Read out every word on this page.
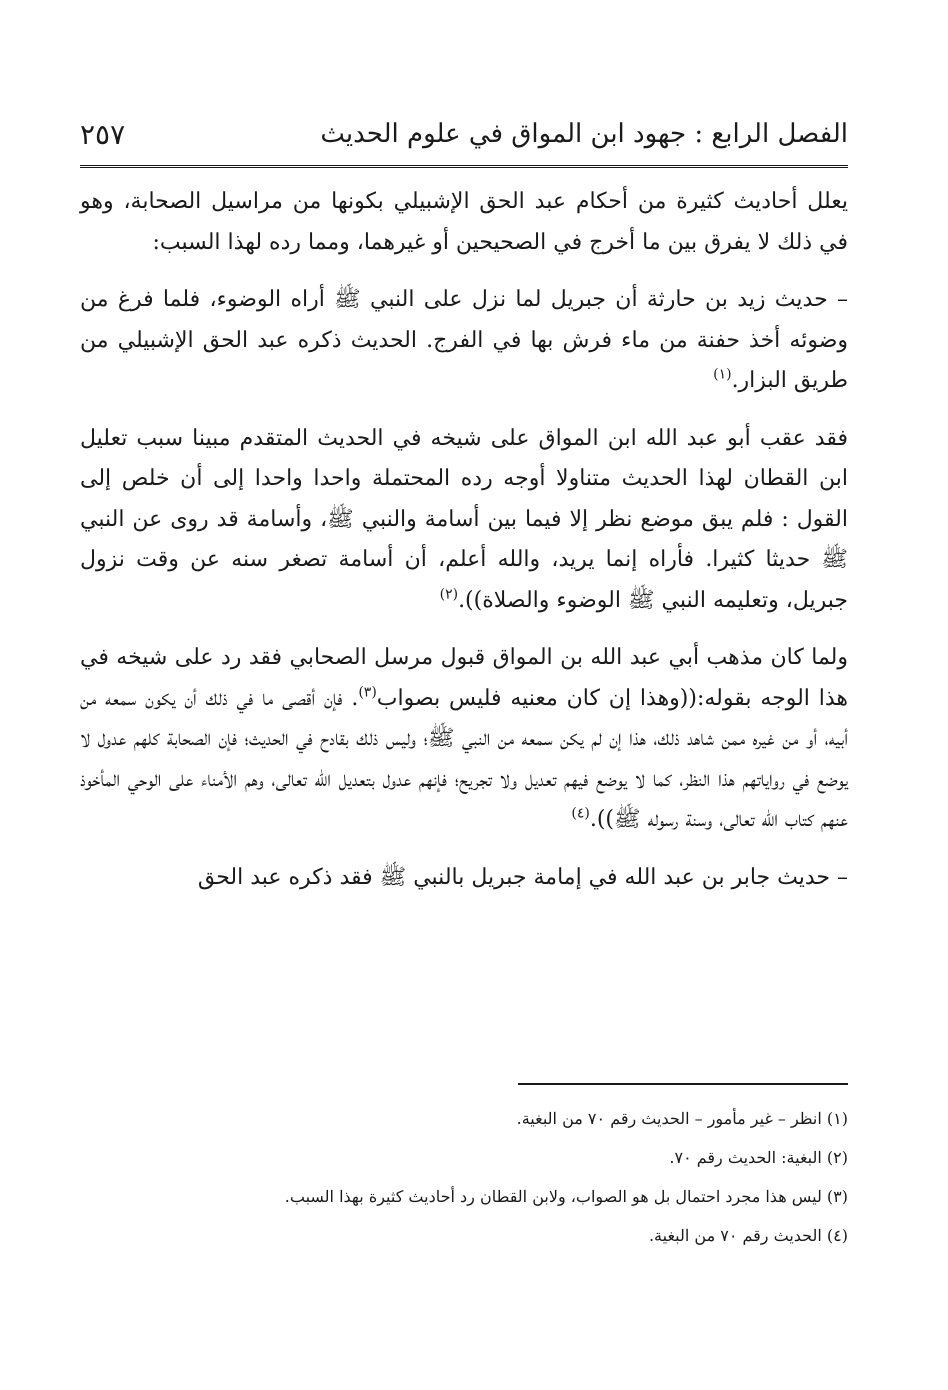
الفصل الرابع : جهود ابن المواق في علوم الحديث
٢٥٧

يعلل أحاديث كثيرة من أحكام عبد الحق الإشبيلي بكونها من مراسيل الصحابة، وهو في ذلك لا يفرق بين ما أخرج في الصحيحين أو غيرهما، ومما رده لهذا السبب:

– حديث زيد بن حارثة أن جبريل لما نزل على النبي ﷺ أراه الوضوء، فلما فرغ من وضوئه أخذ حفنة من ماء فرش بها في الفرج. الحديث ذكره عبد الحق الإشبيلي من طريق البزار.$^{(١)}$

فقد عقب أبو عبد الله ابن المواق على شيخه في الحديث المتقدم مبينا سبب تعليل ابن القطان لهذا الحديث متناولا أوجه رده المحتملة واحدا واحدا إلى أن خلص إلى القول : فلم يبق موضع نظر إلا فيما بين أسامة والنبي ﷺ، وأسامة قد روى عن النبي ﷺ حديثا كثيرا. فأراه إنما يريد، والله أعلم، أن أسامة تصغر سنه عن وقت نزول جبريل، وتعليمه النبي ﷺ الوضوء والصلاة)).$^{(٢)}$

ولما كان مذهب أبي عبد الله بن المواق قبول مرسل الصحابي فقد رد على شيخه في هذا الوجه بقوله:((وهذا إن كان معنيه فليس بصواب$^{(٣)}$. فإن أقصى ما في ذلك أن يكون سمعه من أبيه، أو من غيره ممن شاهد ذلك، هذا إن لم يكن سمعه من النبي ﷺ؛ وليس ذلك بقادح في الحديث؛ فإن الصحابة كلهم عدول لا يوضع في رواياتهم هذا النظر، كما لا يوضع فيهم تعديل ولا تجريح؛ فإنهم عدول بتعديل الله تعالى، وهم الأمناء على الوحي المأخوذ عنهم كتاب الله تعالى، وسنة رسوله ﷺ)).$^{(٤)}$

– حديث جابر بن عبد الله في إمامة جبريل بالنبي ﷺ فقد ذكره عبد الحق

(١) انظر – غير مأمور – الحديث رقم ٧٠ من البغية.
(٢) البغية: الحديث رقم ٧٠.
(٣) ليس هذا مجرد احتمال بل هو الصواب، ولابن القطان رد أحاديث كثيرة بهذا السبب.
(٤) الحديث رقم ٧٠ من البغية.
